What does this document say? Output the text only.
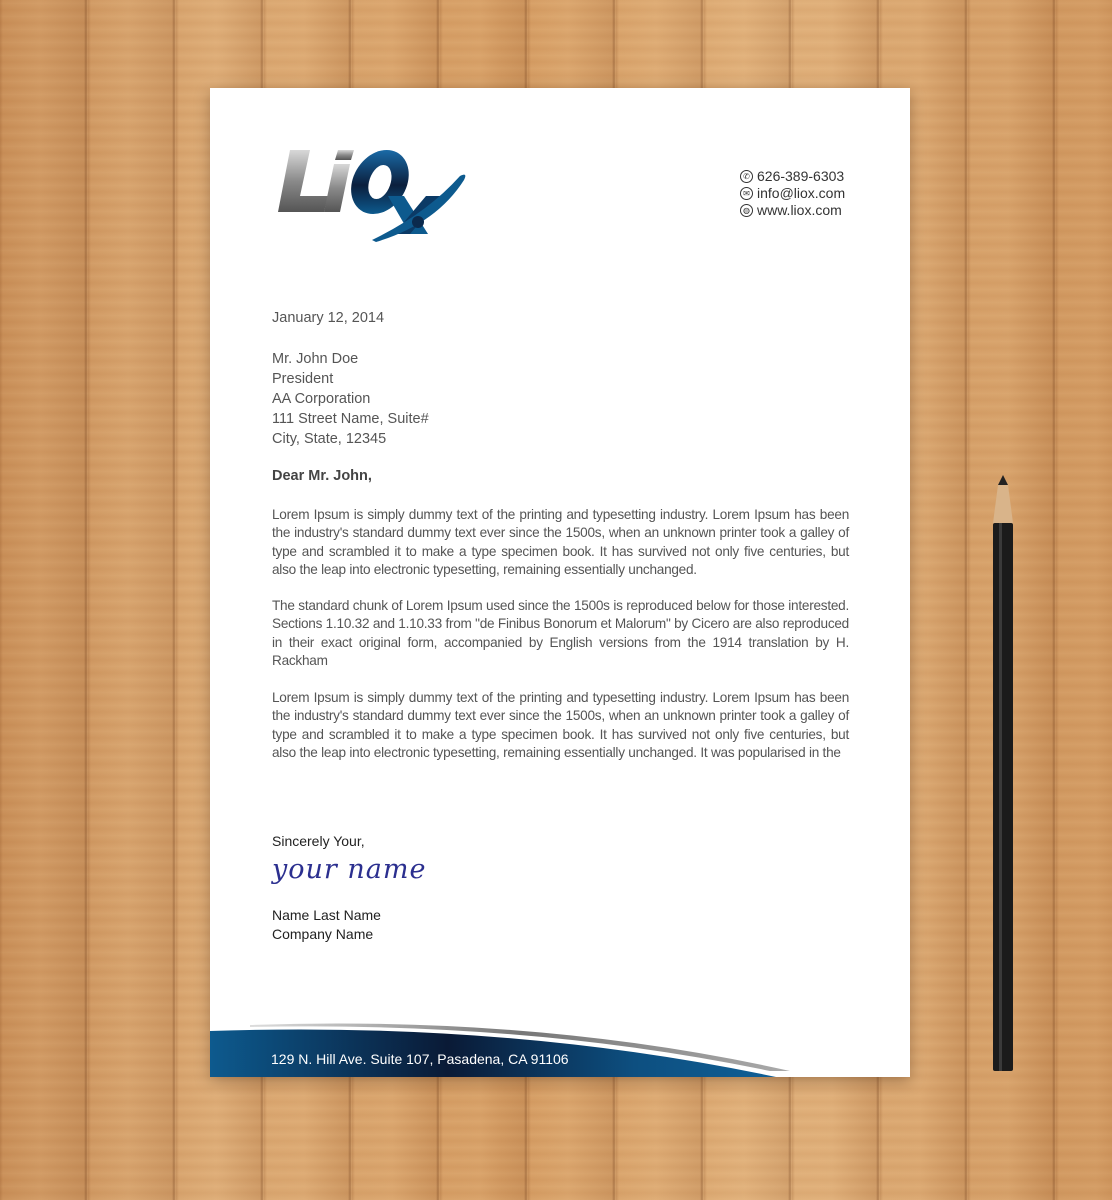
✆ 626-389-6303
✉ info@liox.com
◍ www.liox.com
January 12, 2014
Mr. John Doe
President
AA Corporation
111 Street Name, Suite#
City, State, 12345
Dear Mr. John,
Lorem Ipsum is simply dummy text of the printing and typesetting industry. Lorem Ipsum has been the industry's standard dummy text ever since the 1500s, when an unknown printer took a galley of type and scrambled it to make a type specimen book. It has survived not only five centuries, but also the leap into electronic typesetting, remaining essentially unchanged.
The standard chunk of Lorem Ipsum used since the 1500s is reproduced below for those interested. Sections 1.10.32 and 1.10.33 from "de Finibus Bonorum et Malorum" by Cicero are also reproduced in their exact original form, accompanied by English versions from the 1914 translation by H. Rackham
Lorem Ipsum is simply dummy text of the printing and typesetting industry. Lorem Ipsum has been the industry's standard dummy text ever since the 1500s, when an unknown printer took a galley of type and scrambled it to make a type specimen book. It has survived not only five centuries, but also the leap into electronic typesetting, remaining essentially unchanged. It was popularised in the
Sincerely Your,
your name
Name Last Name
Company Name
129 N. Hill Ave. Suite 107, Pasadena, CA 91106
